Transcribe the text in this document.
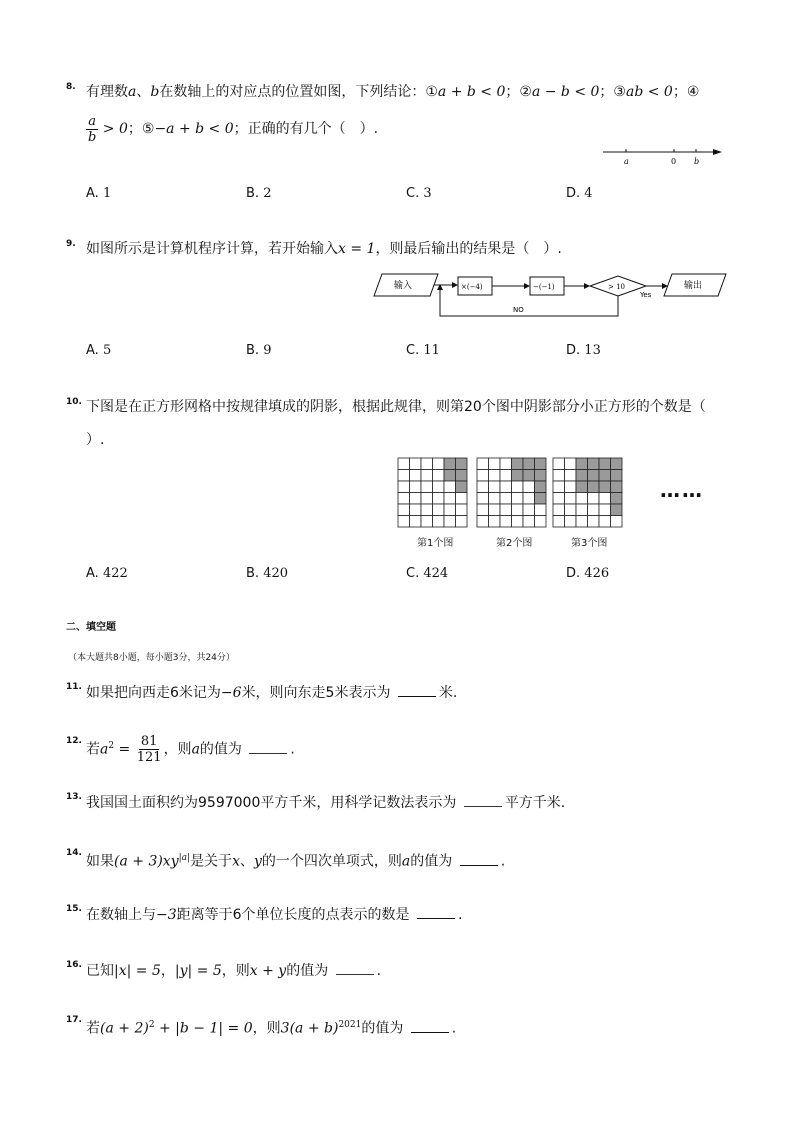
8. 有理数a、b在数轴上的对应点的位置如图，下列结论：①a + b < 0；②a − b < 0；③ab < 0；④
$\frac{a}{b} > 0$；⑤−a + b < 0；正确的有几个（　）.
a	0 b
A. 1	B. 2	C. 3	D. 4
9. 如图所示是计算机程序计算，若开始输入x = 1，则最后输出的结果是（　）.
输入	×(−4)	−(−1)	> 10
Yes
输出
NO
A. 5	B. 9	C. 11	D. 13
10. 下图是在正方形网格中按规律填成的阴影，根据此规律，则第20个图中阴影部分小正方形的个数是（
）.
第1个图	第2个图	第3个图
……
A. 422	B. 420	C. 424	D. 426
二、填空题
（本大题共8小题，每小题3分，共24分）
11. 如果把向西走6米记为−6米，则向东走5米表示为	米.
12.
若$a^2 = \frac{81}{121}$ ，则a的值为	.
13. 我国国土面积约为9597000平方千米，用科学记数法表示为	平方千米.
14.
如果$(a + 3)xy^{|a|}$是关于x、y的一个四次单项式，则a的值为	.
15. 在数轴上与−3距离等于6个单位长度的点表示的数是	.
16. 已知|x| = 5，|y| = 5，则x + y的值为	.
17.
若$(a + 2)^2 + |b - 1| = 0$，则$3(a + b)^{2021}$的值为	.
